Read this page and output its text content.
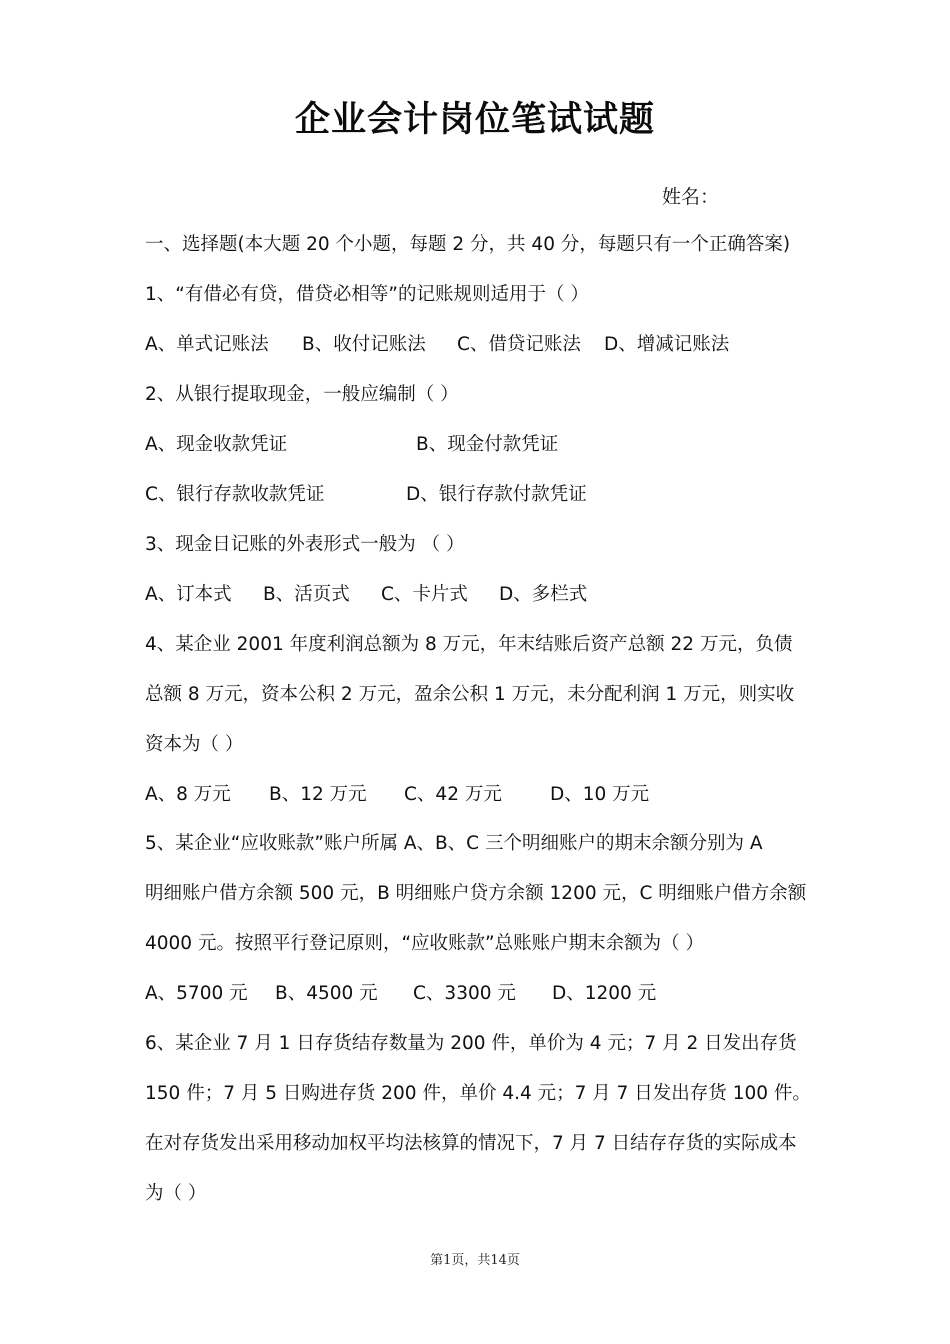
企业会计岗位笔试试题
姓名：
一、选择题(本大题 20 个小题，每题 2 分，共 40 分，每题只有一个正确答案)
1、“有借必有贷，借贷必相等”的记账规则适用于（ ）
A、单式记账法 B、收付记账法 C、借贷记账法 D、增减记账法
2、从银行提取现金，一般应编制（ ）
A、现金收款凭证	B、现金付款凭证
C、银行存款收款凭证	D、银行存款付款凭证
3、现金日记账的外表形式一般为 （ ）
A、订本式 B、活页式 C、卡片式 D、多栏式
4、某企业 2001 年度利润总额为 8 万元，年末结账后资产总额 22 万元，负债
总额 8 万元，资本公积 2 万元，盈余公积 1 万元，未分配利润 1 万元，则实收
资本为（ ）
A、8 万元 B、12 万元 C、42 万元	D、10 万元
5、某企业“应收账款”账户所属 A、B、C 三个明细账户的期末余额分别为 A
明细账户借方余额 500 元，B 明细账户贷方余额 1200 元，C 明细账户借方余额
4000 元。按照平行登记原则，“应收账款”总账账户期末余额为（ ）
A、5700 元 B、4500 元 C、3300 元 D、1200 元
6、某企业 7 月 1 日存货结存数量为 200 件，单价为 4 元；7 月 2 日发出存货
150 件；7 月 5 日购进存货 200 件，单价 4.4 元；7 月 7 日发出存货 100 件。
在对存货发出采用移动加权平均法核算的情况下，7 月 7 日结存存货的实际成本
为（ ）
第1页，共14页
